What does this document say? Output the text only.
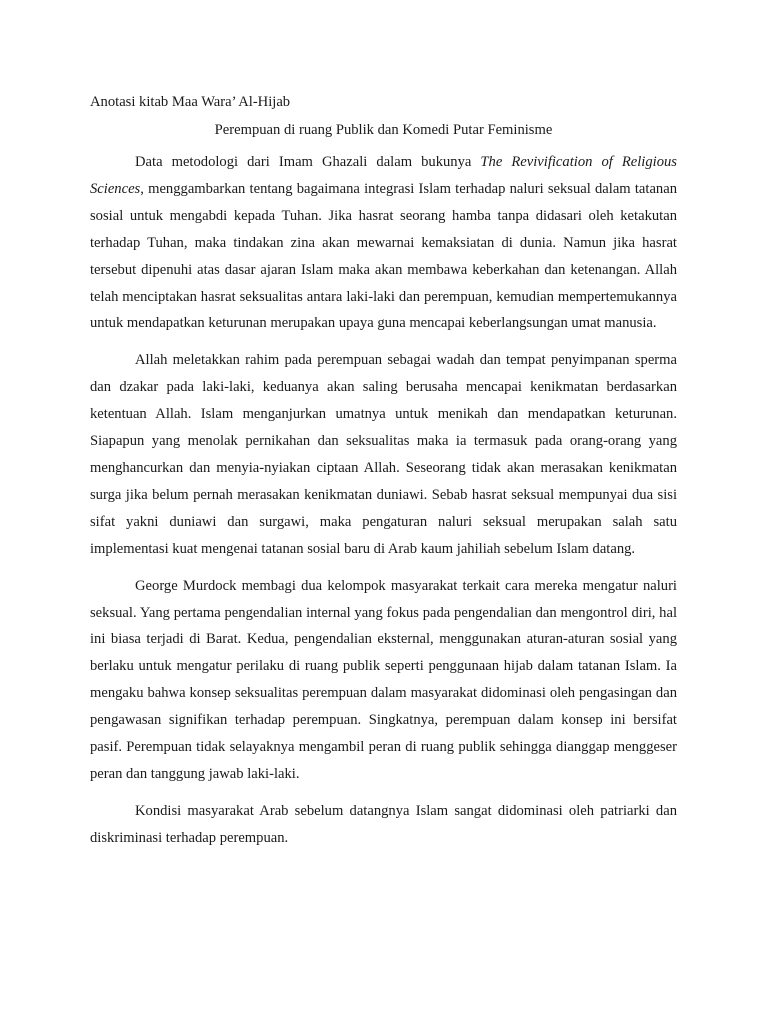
Anotasi kitab Maa Wara’ Al-Hijab
Perempuan di ruang Publik dan Komedi Putar Feminisme

Data metodologi dari Imam Ghazali dalam bukunya The Revivification of Religious Sciences, menggambarkan tentang bagaimana integrasi Islam terhadap naluri seksual dalam tatanan sosial untuk mengabdi kepada Tuhan. Jika hasrat seorang hamba tanpa didasari oleh ketakutan terhadap Tuhan, maka tindakan zina akan mewarnai kemaksiatan di dunia. Namun jika hasrat tersebut dipenuhi atas dasar ajaran Islam maka akan membawa keberkahan dan ketenangan. Allah telah menciptakan hasrat seksualitas antara laki-laki dan perempuan, kemudian mempertemukannya untuk mendapatkan keturunan merupakan upaya guna mencapai keberlangsungan umat manusia.

Allah meletakkan rahim pada perempuan sebagai wadah dan tempat penyimpanan sperma dan dzakar pada laki-laki, keduanya akan saling berusaha mencapai kenikmatan berdasarkan ketentuan Allah. Islam menganjurkan umatnya untuk menikah dan mendapatkan keturunan. Siapapun yang menolak pernikahan dan seksualitas maka ia termasuk pada orang-orang yang menghancurkan dan menyia-nyiakan ciptaan Allah. Seseorang tidak akan merasakan kenikmatan surga jika belum pernah merasakan kenikmatan duniawi. Sebab hasrat seksual mempunyai dua sisi sifat yakni duniawi dan surgawi, maka pengaturan naluri seksual merupakan salah satu implementasi kuat mengenai tatanan sosial baru di Arab kaum jahiliah sebelum Islam datang.

George Murdock membagi dua kelompok masyarakat terkait cara mereka mengatur naluri seksual. Yang pertama pengendalian internal yang fokus pada pengendalian dan mengontrol diri, hal ini biasa terjadi di Barat. Kedua, pengendalian eksternal, menggunakan aturan-aturan sosial yang berlaku untuk mengatur perilaku di ruang publik seperti penggunaan hijab dalam tatanan Islam. Ia mengaku bahwa konsep seksualitas perempuan dalam masyarakat didominasi oleh pengasingan dan pengawasan signifikan terhadap perempuan. Singkatnya, perempuan dalam konsep ini bersifat pasif. Perempuan tidak selayaknya mengambil peran di ruang publik sehingga dianggap menggeser peran dan tanggung jawab laki-laki.

Kondisi masyarakat Arab sebelum datangnya Islam sangat didominasi oleh patriarki dan diskriminasi terhadap perempuan.
